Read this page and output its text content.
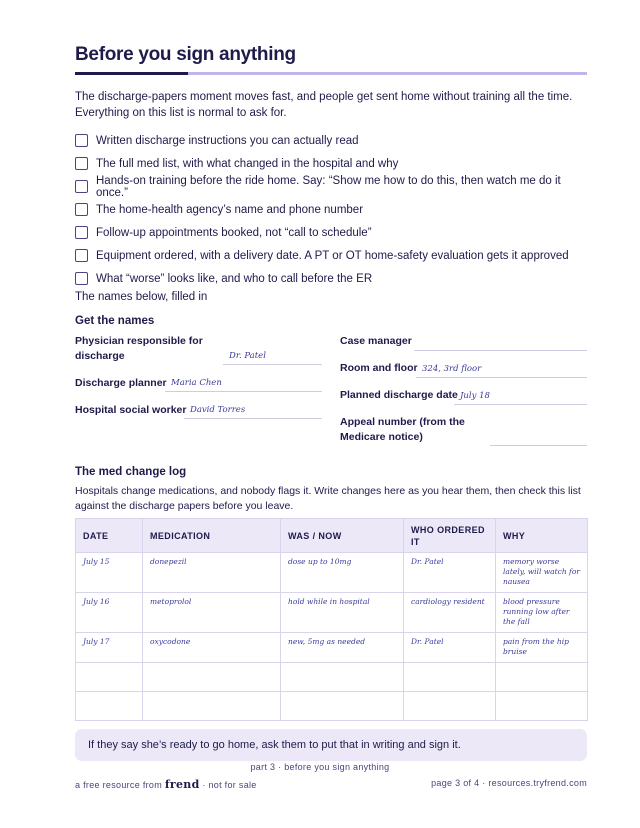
Before you sign anything

The discharge-papers moment moves fast, and people get sent home without training all the time. Everything on this list is normal to ask for.

Written discharge instructions you can actually read
The full med list, with what changed in the hospital and why
Hands-on training before the ride home. Say: “Show me how to do this, then watch me do it once.”
The home-health agency’s name and phone number
Follow-up appointments booked, not “call to schedule”
Equipment ordered, with a delivery date. A PT or OT home-safety evaluation gets it approved
What “worse” looks like, and who to call before the ER
The names below, filled in
Get the names
Physician responsible for discharge	Dr. Patel
Discharge planner Maria Chen
Hospital social worker David Torres
Case manager
Room and floor 324, 3rd floor
Planned discharge date July 18
Appeal number (from the Medicare notice)
The med change log

Hospitals change medications, and nobody flags it. Write changes here as you hear them, then check this list against the discharge papers before you leave.

DATE	MEDICATION	WAS / NOW	WHO ORDERED IT	WHY
July 15	donepezil	dose up to 10mg	Dr. Patel	memory worse lately, will watch for nausea
July 16	metoprolol	hold while in hospital	cardiology resident	blood pressure running low after the fall
July 17	oxycodone	new, 5mg as needed	Dr. Patel	pain from the hip bruise

If they say she’s ready to go home, ask them to put that in writing and sign it.
part 3 · before you sign anything
a free resource from frend · not for sale	page 3 of 4 · resources.tryfrend.com
